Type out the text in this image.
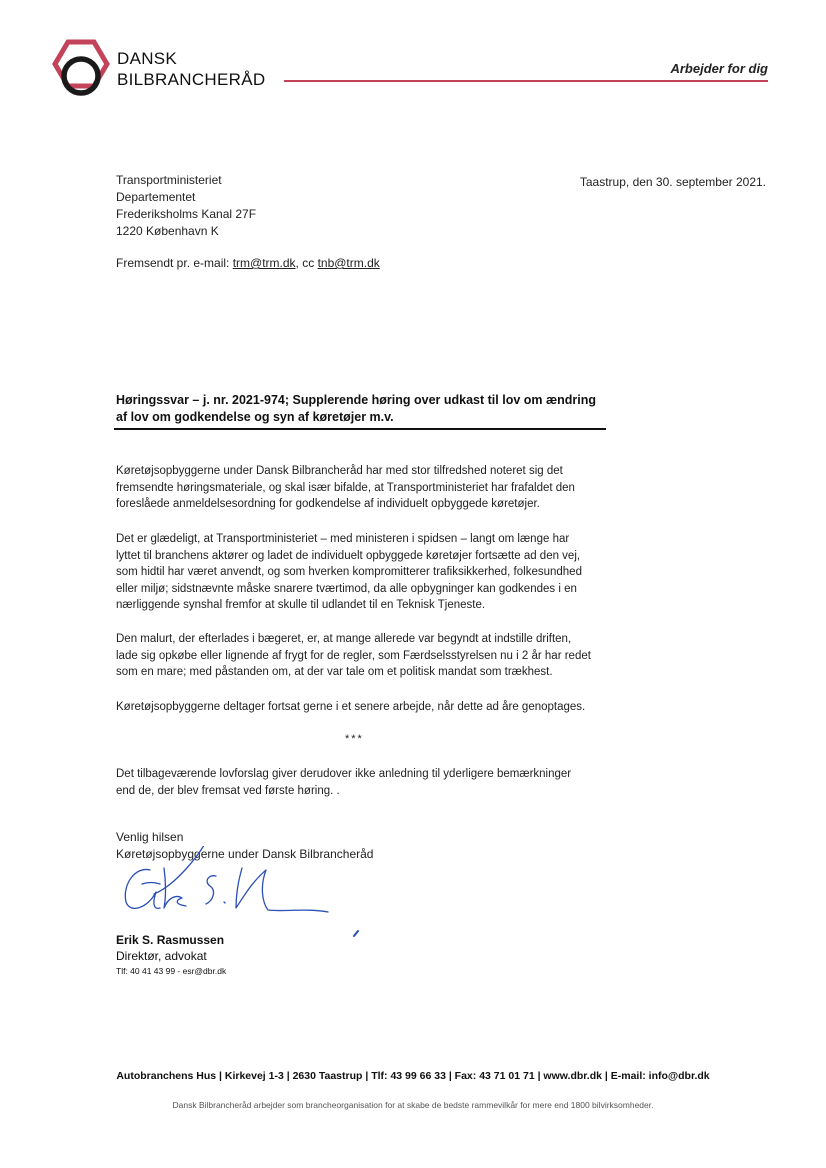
DANSK
BILBRANCHERÅD
Arbejder for dig
Transportministeriet
Departementet
Frederiksholms Kanal 27F
1220 København K
Taastrup, den 30. september 2021.
Fremsendt pr. e-mail: trm@trm.dk, cc tnb@trm.dk
Høringssvar – j. nr. 2021-974; Supplerende høring over udkast til lov om ændring
af lov om godkendelse og syn af køretøjer m.v.
Køretøjsopbyggerne under Dansk Bilbrancheråd har med stor tilfredshed noteret sig det
fremsendte høringsmateriale, og skal især bifalde, at Transportministeriet har frafaldet den
foreslåede anmeldelsesordning for godkendelse af individuelt opbyggede køretøjer.
Det er glædeligt, at Transportministeriet – med ministeren i spidsen – langt om længe har
lyttet til branchens aktører og ladet de individuelt opbyggede køretøjer fortsætte ad den vej,
som hidtil har været anvendt, og som hverken kompromitterer trafiksikkerhed, folkesundhed
eller miljø; sidstnævnte måske snarere tværtimod, da alle opbygninger kan godkendes i en
nærliggende synshal fremfor at skulle til udlandet til en Teknisk Tjeneste.
Den malurt, der efterlades i bægeret, er, at mange allerede var begyndt at indstille driften,
lade sig opkøbe eller lignende af frygt for de regler, som Færdselsstyrelsen nu i 2 år har redet
som en mare; med påstanden om, at der var tale om et politisk mandat som trækhest.
Køretøjsopbyggerne deltager fortsat gerne i et senere arbejde, når dette ad åre genoptages.
***
Det tilbageværende lovforslag giver derudover ikke anledning til yderligere bemærkninger
end de, der blev fremsat ved første høring. .
Venlig hilsen
Køretøjsopbyggerne under Dansk Bilbrancheråd
Erik S. Rasmussen
Direktør, advokat
Tlf: 40 41 43 99 - esr@dbr.dk
Autobranchens Hus | Kirkevej 1-3 | 2630 Taastrup | Tlf: 43 99 66 33 | Fax: 43 71 01 71 | www.dbr.dk | E-mail: info@dbr.dk
Dansk Bilbrancheråd arbejder som brancheorganisation for at skabe de bedste rammevilkår for mere end 1800 bilvirksomheder.
